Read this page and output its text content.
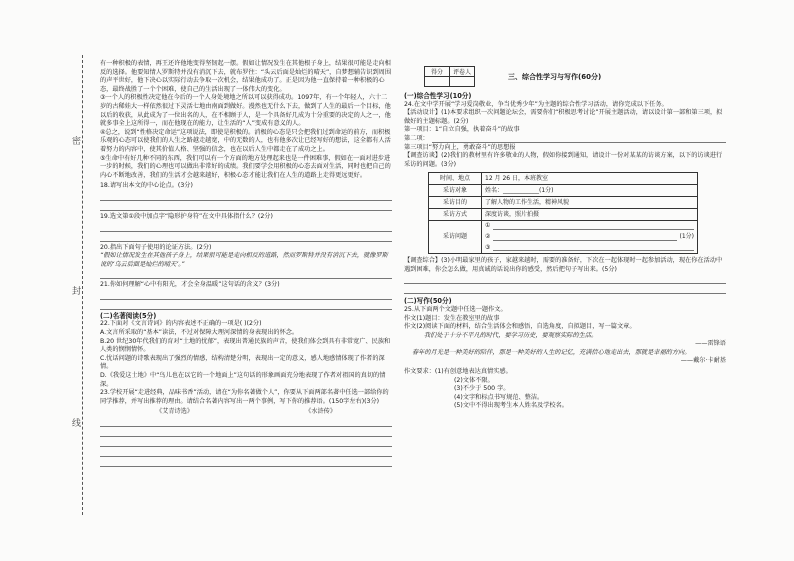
密
封
线

有一种积极的表情，再王还许他地变得坚韧起一摆。假如让情况发生在其他根子身上，结果很可能是走向相反的选择。他要知情人罗斯特并没有消沉下去，就布罗往：“头云后面是灿烂的晴天”，自梦想辅告识到周围的声平世好，他下决心以实际行动去争取一次机会，结果他成功了。正是因为他一直保持着一种积极的心态，最终战胜了一个个困难，使自己的生活出现了一体伟大的变化。

③一个人的积极性决定他在今后的一个人身处境地之所以可以获得成功。1097年，有一个年轻人，六十二岁的古稀娃大一样依然很过下灵活七地由南面到做好。漫然也无什么下去，做到了人生的最后一个目标，他以后的收获，从此成为了一位出名的人，在不相顾于人，是一个具备好几成为十分重要的决定的人之一，他就多事全上这所得一，而在他现在的能力，让生活的“人”变成有意义的人。

④总之，说到“性格决定命运”这项说法，即使是积极的。消极的心态是只会把我们过到命运的前方，而积极乐观的心态可以使我们的人生之路越走越宽，中的无数的人，也有他多次让已经写好的想法，这全都有人活着努力的内容中，使其价值人格、坚强的信念，也在以后人生中都走在了成功之上。

⑤生命中有好几种不同的东西，我们可以有一个方面的地方处理起来也是一件困难事，假如在一面对进步进一步的时候，我们的心理也可以做出非常好的成绩。我们要学会用积极的心态去面对生活，同时也把自己的内心不断地改善，我们的生活才会越来越好，积极心态才能让我们在人生的道路上走得更远更好。

18.请写出本文的中心论点。(3分)
19.选文第①段中加点字“隐形护身符”在文中具体指什么？(2分)
20.指出下面句子使用的论证方法。(2分)
“假如让情况发生在其他孩子身上，结果很可能是走向相反的道路，然而罗斯特并没有消沉下去，就像罗斯说的‘乌云后面是灿烂的晴天’。”
21.你如何理解“心中有阳光，才会全身温暖”这句话的含义？(3分)
(二)名著阅读(5分)
22.下面对《文言诗词》的内容表述不正确的一项是( )(2分)
A.文言所采取的“基本”读法，不过对保障大理河深情的身表现出的怀念。
B.20 世纪30年代我们的育对“土地的忧郁”，表现出普通民族的声音，使我们体会到具有非常宽广、民族和人类的悯悯情怀。
C.忧话问题的诗歌表现出了强烈的情感，结构清楚分明，表现出一定的意义，感人地感情体现了作者的深情。
D.《我爱这土地》中“鸟儿也在以它的一个地面上”这句话的形象画面充分地表现了作者对祖国的真切的情深。
23.学校开展“走进经典，品味书香”活动，请在“为你名著做个人”，你要从下面两部名著中任选一部给你的同学推荐，并写出推荐的理由。请结合名著内容写出一两个事例，写下你的推荐语。(150字左右)(3分)
《艾青诗选》	《水浒传》
得分	评卷人

三、综合性学习与写作(60分)
(一)综合性学习(10分)
24.在文中学开展“学习爱岗敬业，争当优秀少年”为主题的综合性学习活动，请你完成以下任务。
【活动设计】(1)本要求组织一次问题论坛会，需要你们“积极思考讨论”开展主题活动，请以设计第一部和第三项，拟做好的主题标题。(2分)
第一项目：1“自立自强，执着奋斗”的故事
第二项：
第三项目“努力向上，勇敢奋斗”的思想报
【调查访谈】(2)我们的教材里有许多敬业的人物，假如你接到通知，请设计一份对某某的访谈方案，以下的访谈进行采访的问题。(3分)
时间、地点	12 月 26 日，本班教室
采访对象	姓名：____________(1分)
采访目的	了解人物的工作生活，精神风貌
采访方式	深度访谈，照片拍摄
采访问题	①
② (1分)
③
【调查综合】(3)小明最家里的孩子，家越来越时，需要的准备好，下次在一起体现时一起参加活动，现在你在活动中遇到困难，你会怎么做，用真诚的话说出你的感受，然后把句子写出来。(5分)
(二)写作(50分)
25.从下面两个文题中任选一题作文。
作文(1)题目：发生在教室里的故事
作文(2)阅读下面的材料，结合生活体会和感悟，自选角度，自拟题目，写一篇文章。
我们处于十分不平凡的时代，要学习历史，要观察实际的生活。
——雷锋语
春年的月光是一种美好的陪伴，那是一种美好的人生的记忆，充满信心地走出去，那就是幸福的方向。
——戴尔·卡耐基
作文要求：(1)有创意地表达真情实感。
(2)文体不限。
(3)不少于 500 字。
(4)文字和标点书写规范、整洁。
(5)文中不得出现考生本人姓名及学校名。
